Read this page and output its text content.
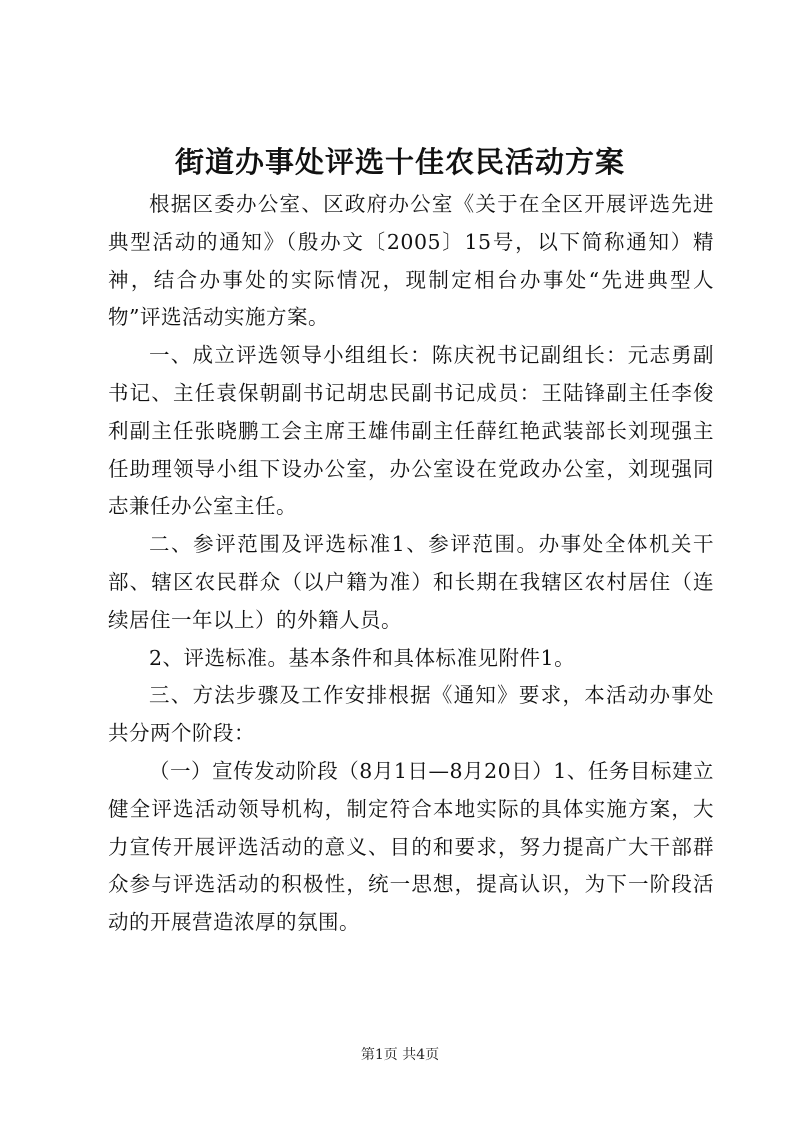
街道办事处评选十佳农民活动方案

根据区委办公室、区政府办公室《关于在全区开展评选先进典型活动的通知》（殷办文〔2005〕15号，以下简称通知）精神，结合办事处的实际情况，现制定相台办事处“先进典型人物”评选活动实施方案。

一、成立评选领导小组组长：陈庆祝书记副组长：元志勇副书记、主任袁保朝副书记胡忠民副书记成员：王陆锋副主任李俊利副主任张晓鹏工会主席王雄伟副主任薛红艳武装部长刘现强主任助理领导小组下设办公室，办公室设在党政办公室，刘现强同志兼任办公室主任。

二、参评范围及评选标准1、参评范围。办事处全体机关干部、辖区农民群众（以户籍为准）和长期在我辖区农村居住（连续居住一年以上）的外籍人员。

2、评选标准。基本条件和具体标准见附件1。

三、方法步骤及工作安排根据《通知》要求，本活动办事处共分两个阶段：

（一）宣传发动阶段（8月1日—8月20日）1、任务目标建立健全评选活动领导机构，制定符合本地实际的具体实施方案，大力宣传开展评选活动的意义、目的和要求，努力提高广大干部群众参与评选活动的积极性，统一思想，提高认识，为下一阶段活动的开展营造浓厚的氛围。

第1页 共4页
